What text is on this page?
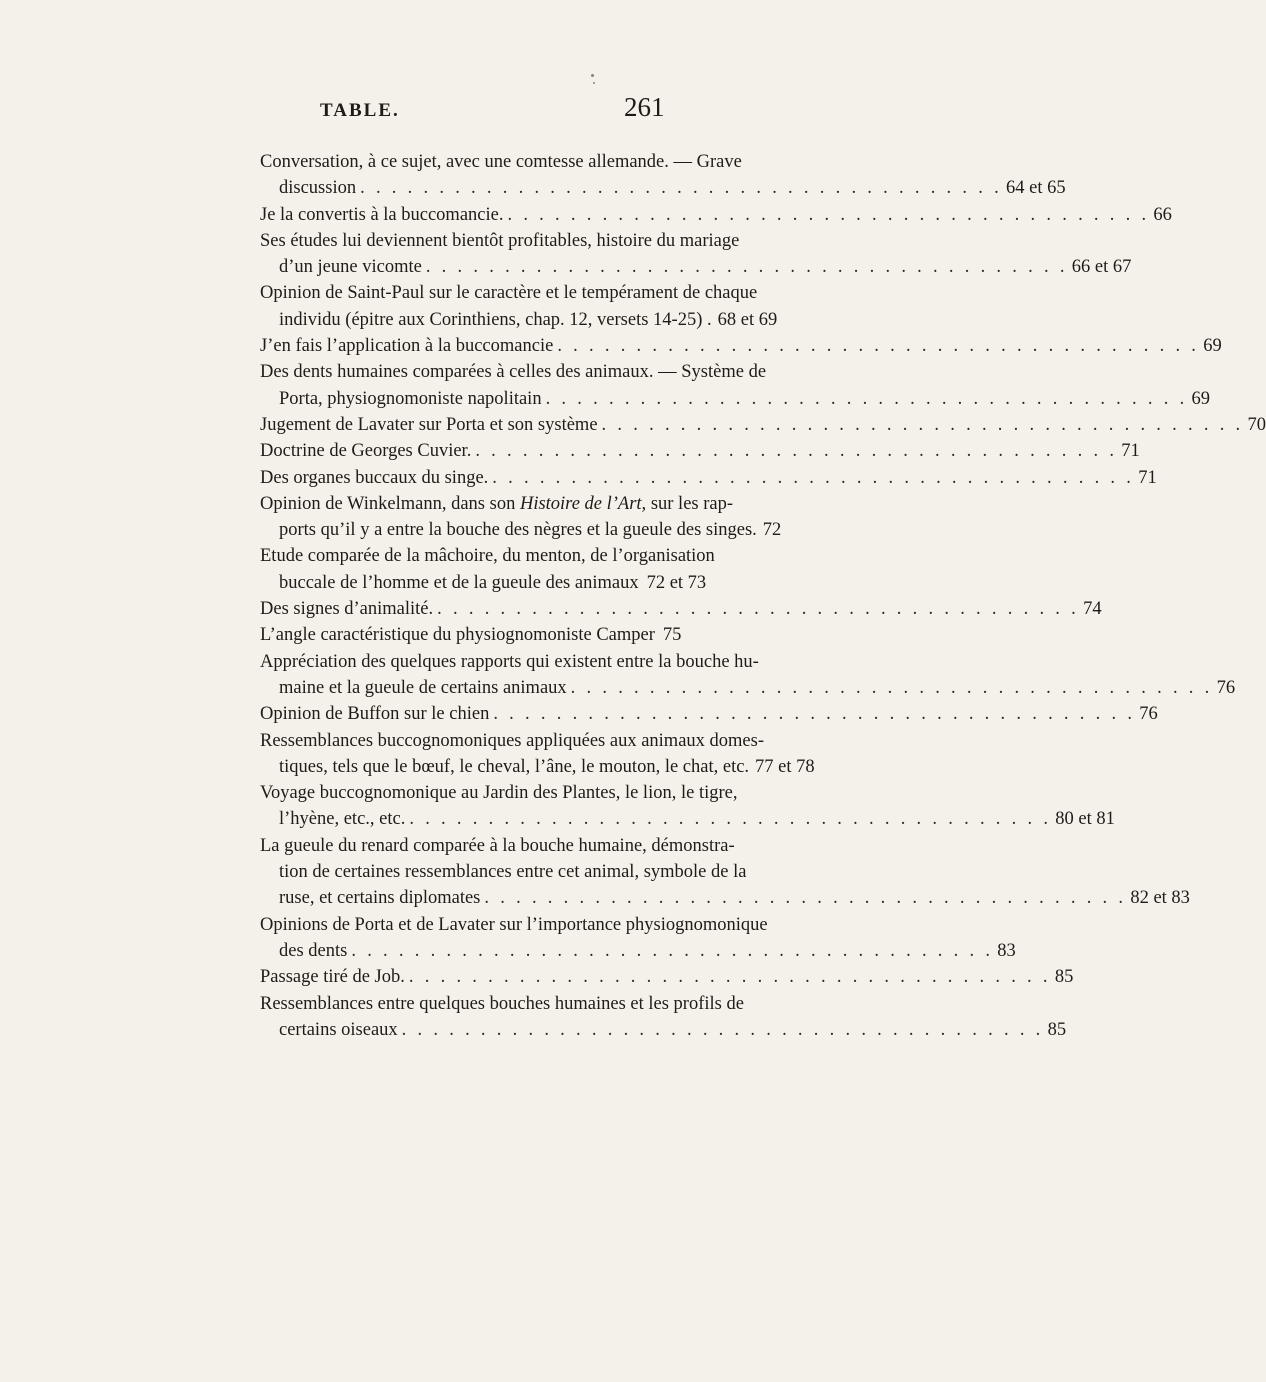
TABLE.	261
Conversation, à ce sujet, avec une comtesse allemande. — Grave
discussion . . . . . . . . . . . . . . . . . . . . . . . . . . . . . . . . . . . . . . . . . 64 et 65
Je la convertis à la buccomancie. . . . . . . . . . . . . . . . . . . . . . . . . . . . . . . . . . . . . . . . . . 66
Ses études lui deviennent bientôt profitables, histoire du mariage
d’un jeune vicomte . . . . . . . . . . . . . . . . . . . . . . . . . . . . . . . . . . . . . . . . . 66 et 67
Opinion de Saint-Paul sur le caractère et le tempérament de chaque
individu (épitre aux Corinthiens, chap. 12, versets 14-25) . 68 et 69
J’en fais l’application à la buccomancie . . . . . . . . . . . . . . . . . . . . . . . . . . . . . . . . . . . . . . . . . 69
Des dents humaines comparées à celles des animaux. — Système de
Porta, physiognomoniste napolitain . . . . . . . . . . . . . . . . . . . . . . . . . . . . . . . . . . . . . . . . . 69
Jugement de Lavater sur Porta et son système . . . . . . . . . . . . . . . . . . . . . . . . . . . . . . . . . . . . . . . . . 70
Doctrine de Georges Cuvier. . . . . . . . . . . . . . . . . . . . . . . . . . . . . . . . . . . . . . . . . . 71
Des organes buccaux du singe. . . . . . . . . . . . . . . . . . . . . . . . . . . . . . . . . . . . . . . . . . 71
Opinion de Winkelmann, dans son Histoire de l’Art, sur les rap-
ports qu’il y a entre la bouche des nègres et la gueule des singes. 72
Etude comparée de la mâchoire, du menton, de l’organisation
buccale de l’homme et de la gueule des animaux 72 et 73
Des signes d’animalité. . . . . . . . . . . . . . . . . . . . . . . . . . . . . . . . . . . . . . . . . . 74
L’angle caractéristique du physiognomoniste Camper 75
Appréciation des quelques rapports qui existent entre la bouche hu-
maine et la gueule de certains animaux . . . . . . . . . . . . . . . . . . . . . . . . . . . . . . . . . . . . . . . . . 76
Opinion de Buffon sur le chien . . . . . . . . . . . . . . . . . . . . . . . . . . . . . . . . . . . . . . . . . 76
Ressemblances buccognomoniques appliquées aux animaux domes-
tiques, tels que le bœuf, le cheval, l’âne, le mouton, le chat, etc. 77 et 78
Voyage buccognomonique au Jardin des Plantes, le lion, le tigre,
l’hyène, etc., etc. . . . . . . . . . . . . . . . . . . . . . . . . . . . . . . . . . . . . . . . . . 80 et 81
La gueule du renard comparée à la bouche humaine, démonstra-
tion de certaines ressemblances entre cet animal, symbole de la
ruse, et certains diplomates . . . . . . . . . . . . . . . . . . . . . . . . . . . . . . . . . . . . . . . . . 82 et 83
Opinions de Porta et de Lavater sur l’importance physiognomonique
des dents . . . . . . . . . . . . . . . . . . . . . . . . . . . . . . . . . . . . . . . . . 83
Passage tiré de Job. . . . . . . . . . . . . . . . . . . . . . . . . . . . . . . . . . . . . . . . . . 85
Ressemblances entre quelques bouches humaines et les profils de
certains oiseaux . . . . . . . . . . . . . . . . . . . . . . . . . . . . . . . . . . . . . . . . . 85
